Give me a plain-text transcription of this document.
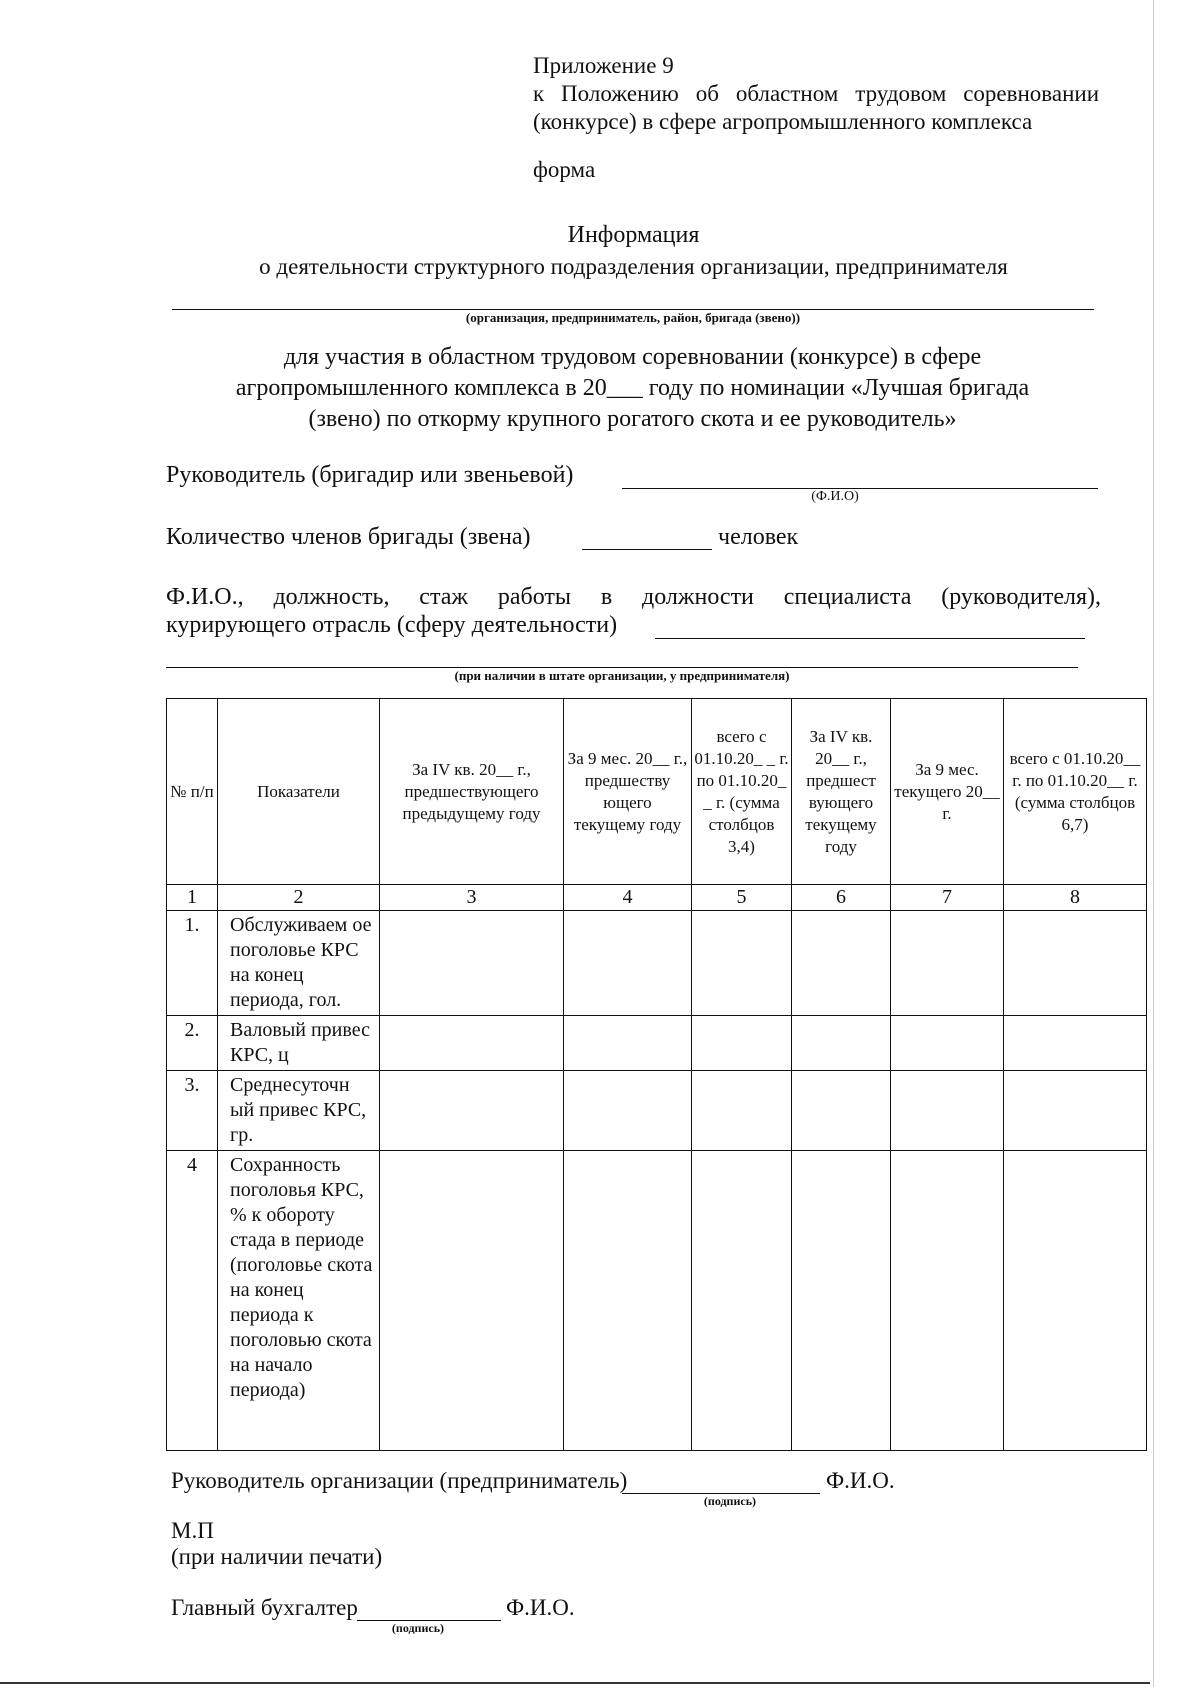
Приложение 9
к Положению об областном трудовом соревновании
(конкурсе) в сфере агропромышленного комплекса
форма
Информация
о деятельности структурного подразделения организации, предпринимателя
(организация, предприниматель, район, бригада (звено))
для участия в областном трудовом соревновании (конкурсе) в сфере
агропромышленного комплекса в 20___ году по номинации «Лучшая бригада
(звено) по откорму крупного рогатого скота и ее руководитель»
Руководитель (бригадир или звеньевой)
(Ф.И.О)
Количество членов бригады (звена)	человек
Ф.И.О., должность, стаж работы в должности специалиста (руководителя),
курирующего отрасль (сферу деятельности)
(при наличии в штате организации, у предпринимателя)
№ п/п	Показатели	За IV кв. 20__ г., предшествующего предыдущему году	За 9 мес. 20__ г., предшеству ющего текущему году	всего с 01.10.20_ _ г. по 01.10.20_ _ г. (сумма столбцов 3,4)	За IV кв. 20__ г., предшест вующего текущему году	За 9 мес. текущего 20__ г.	всего с 01.10.20__ г. по 01.10.20__ г. (сумма столбцов 6,7)
1	2	3	4	5	6	7	8
1.	Обслуживаем ое поголовье КРС на конец периода, гол.						
2.	Валовый привес КРС, ц						
3.	Среднесуточн ый привес КРС, гр.						
4	Сохранность поголовья КРС, % к обороту стада в периоде (поголовье скота на конец периода к поголовью скота на начало периода)						
Руководитель организации (предприниматель)
(подпись)
Ф.И.О.
М.П
(при наличии печати)
Главный бухгалтер
(подпись)
Ф.И.О.
